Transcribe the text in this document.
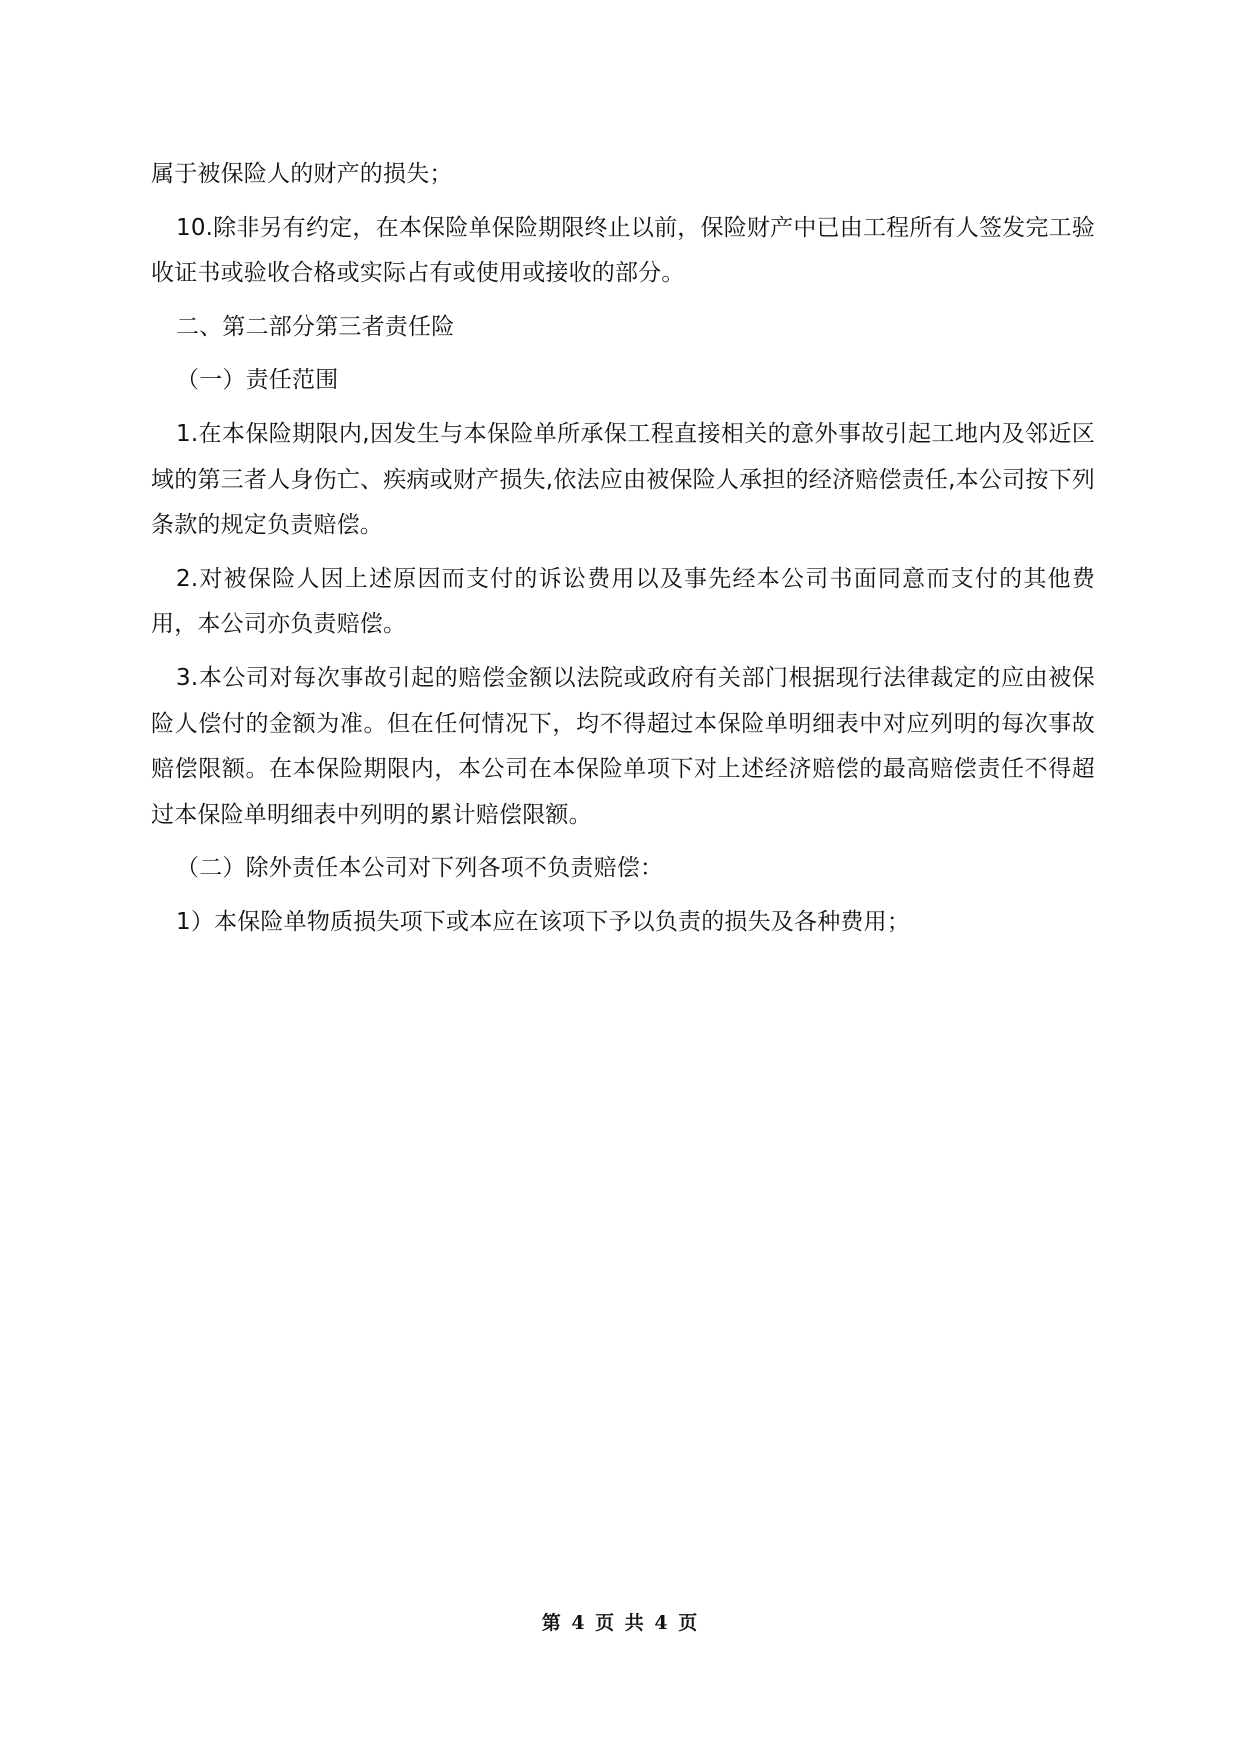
属于被保险人的财产的损失；

10.除非另有约定，在本保险单保险期限终止以前，保险财产中已由工程所有人签发完工验收证书或验收合格或实际占有或使用或接收的部分。

二、第二部分第三者责任险

（一）责任范围

1.在本保险期限内,因发生与本保险单所承保工程直接相关的意外事故引起工地内及邻近区域的第三者人身伤亡、疾病或财产损失,依法应由被保险人承担的经济赔偿责任,本公司按下列条款的规定负责赔偿。

2.对被保险人因上述原因而支付的诉讼费用以及事先经本公司书面同意而支付的其他费用，本公司亦负责赔偿。

3.本公司对每次事故引起的赔偿金额以法院或政府有关部门根据现行法律裁定的应由被保险人偿付的金额为准。但在任何情况下，均不得超过本保险单明细表中对应列明的每次事故赔偿限额。在本保险期限内，本公司在本保险单项下对上述经济赔偿的最高赔偿责任不得超过本保险单明细表中列明的累计赔偿限额。

（二）除外责任本公司对下列各项不负责赔偿：

1）本保险单物质损失项下或本应在该项下予以负责的损失及各种费用；

第 4 页 共 4 页
